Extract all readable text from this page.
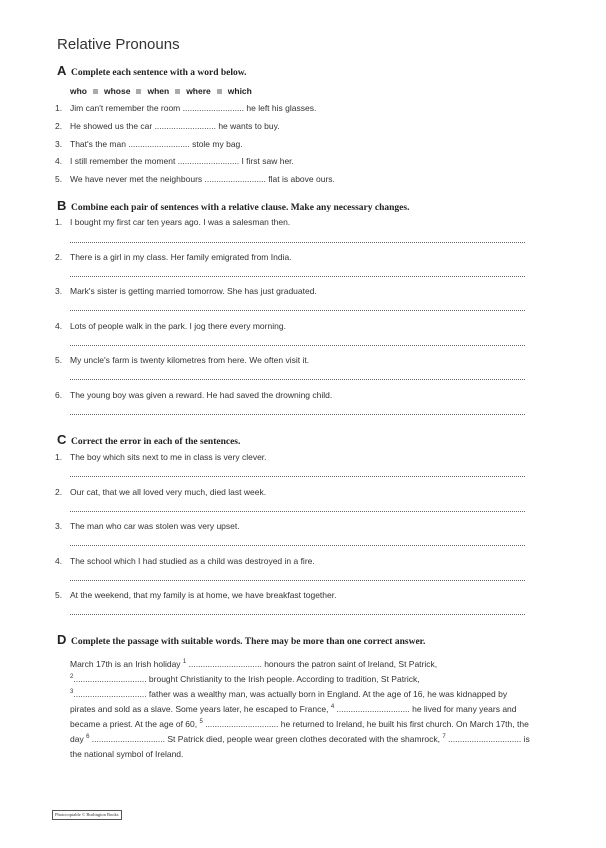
Relative Pronouns
A Complete each sentence with a word below.
who whose when where which
1. Jim can't remember the room .......................... he left his glasses.
2. He showed us the car .......................... he wants to buy.
3. That's the man .......................... stole my bag.
4. I still remember the moment .......................... I first saw her.
5. We have never met the neighbours .......................... flat is above ours.
B Combine each pair of sentences with a relative clause. Make any necessary changes.
1. I bought my first car ten years ago. I was a salesman then.
2. There is a girl in my class. Her family emigrated from India.
3. Mark's sister is getting married tomorrow. She has just graduated.
4. Lots of people walk in the park. I jog there every morning.
5. My uncle's farm is twenty kilometres from here. We often visit it.
6. The young boy was given a reward. He had saved the drowning child.
C Correct the error in each of the sentences.
1. The boy which sits next to me in class is very clever.
2. Our cat, that we all loved very much, died last week.
3. The man who car was stolen was very upset.
4. The school which I had studied as a child was destroyed in a fire.
5. At the weekend, that my family is at home, we have breakfast together.
D Complete the passage with suitable words. There may be more than one correct answer.
March 17th is an Irish holiday $^1$ ............................... honours the patron saint of Ireland, St Patrick,
$^2$............................... brought Christianity to the Irish people. According to tradition, St Patrick,
$^3$............................... father was a wealthy man, was actually born in England. At the age of 16, he was kidnapped by pirates and sold as a slave. Some years later, he escaped to France, $^4$ ............................... he lived for many years and became a priest. At the age of 60, $^5$ ............................... he returned to Ireland, he built his first church. On March 17th, the day $^6$ ............................... St Patrick died, people wear green clothes decorated with the shamrock, $^7$ ............................... is the national symbol of Ireland.
Photocopiable © Burlington Books
